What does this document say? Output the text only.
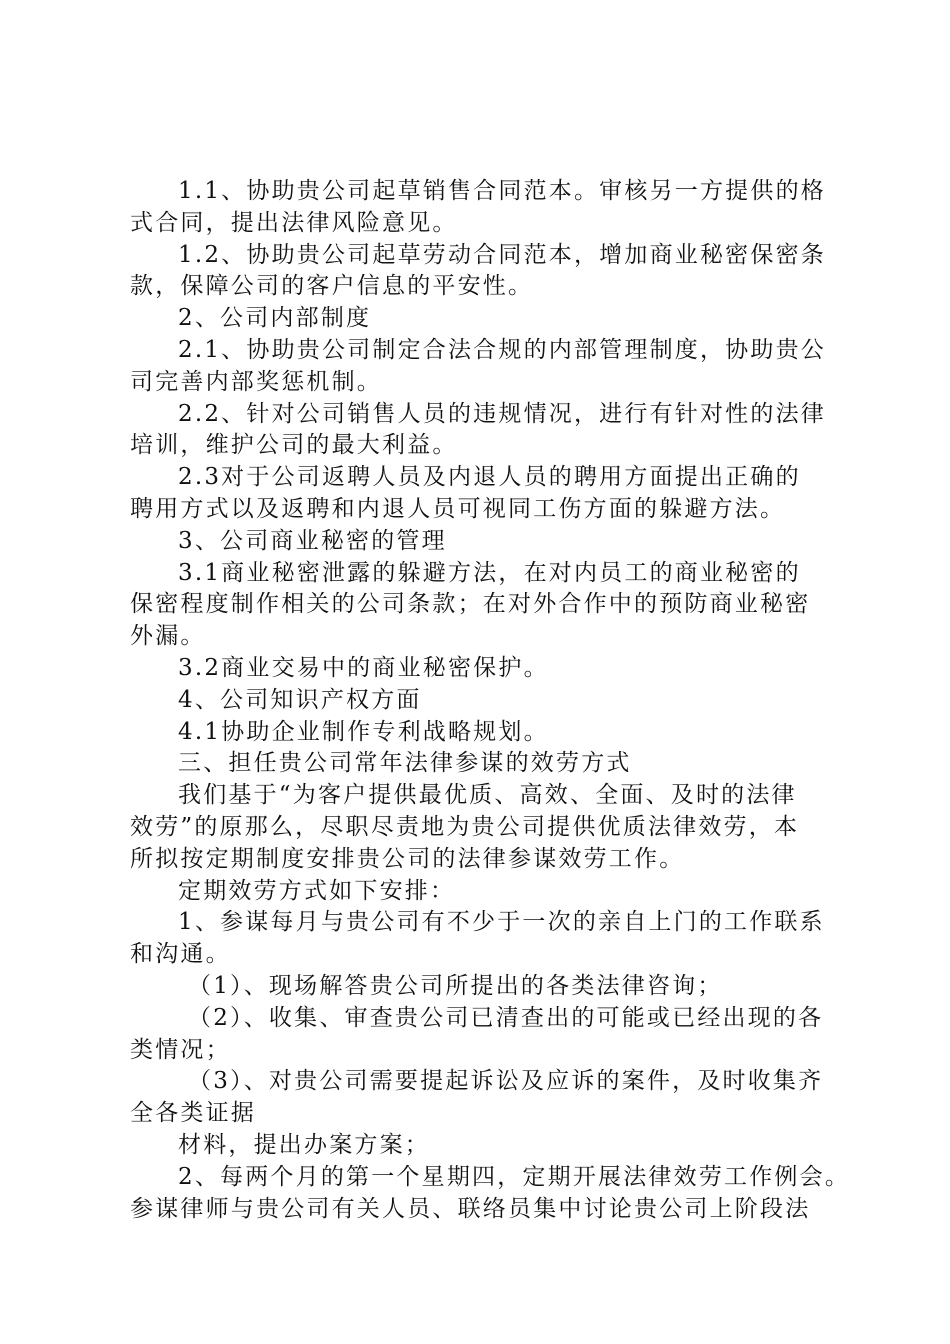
1.1、协助贵公司起草销售合同范本。审核另一方提供的格
式合同，提出法律风险意见。
1.2、协助贵公司起草劳动合同范本，增加商业秘密保密条
款，保障公司的客户信息的平安性。
2、公司内部制度
2.1、协助贵公司制定合法合规的内部管理制度，协助贵公
司完善内部奖惩机制。
2.2、针对公司销售人员的违规情况，进行有针对性的法律
培训，维护公司的最大利益。
2.3对于公司返聘人员及内退人员的聘用方面提出正确的
聘用方式以及返聘和内退人员可视同工伤方面的躲避方法。
3、公司商业秘密的管理
3.1商业秘密泄露的躲避方法，在对内员工的商业秘密的
保密程度制作相关的公司条款；在对外合作中的预防商业秘密
外漏。
3.2商业交易中的商业秘密保护。
4、公司知识产权方面
4.1协助企业制作专利战略规划。
三、担任贵公司常年法律参谋的效劳方式
我们基于“为客户提供最优质、高效、全面、及时的法律
效劳”的原那么，尽职尽责地为贵公司提供优质法律效劳，本
所拟按定期制度安排贵公司的法律参谋效劳工作。
定期效劳方式如下安排：
1、参谋每月与贵公司有不少于一次的亲自上门的工作联系
和沟通。
（1）、现场解答贵公司所提出的各类法律咨询；
（2）、收集、审查贵公司已清查出的可能或已经出现的各
类情况；
（3）、对贵公司需要提起诉讼及应诉的案件，及时收集齐
全各类证据
材料，提出办案方案；
2、每两个月的第一个星期四，定期开展法律效劳工作例会。
参谋律师与贵公司有关人员、联络员集中讨论贵公司上阶段法
